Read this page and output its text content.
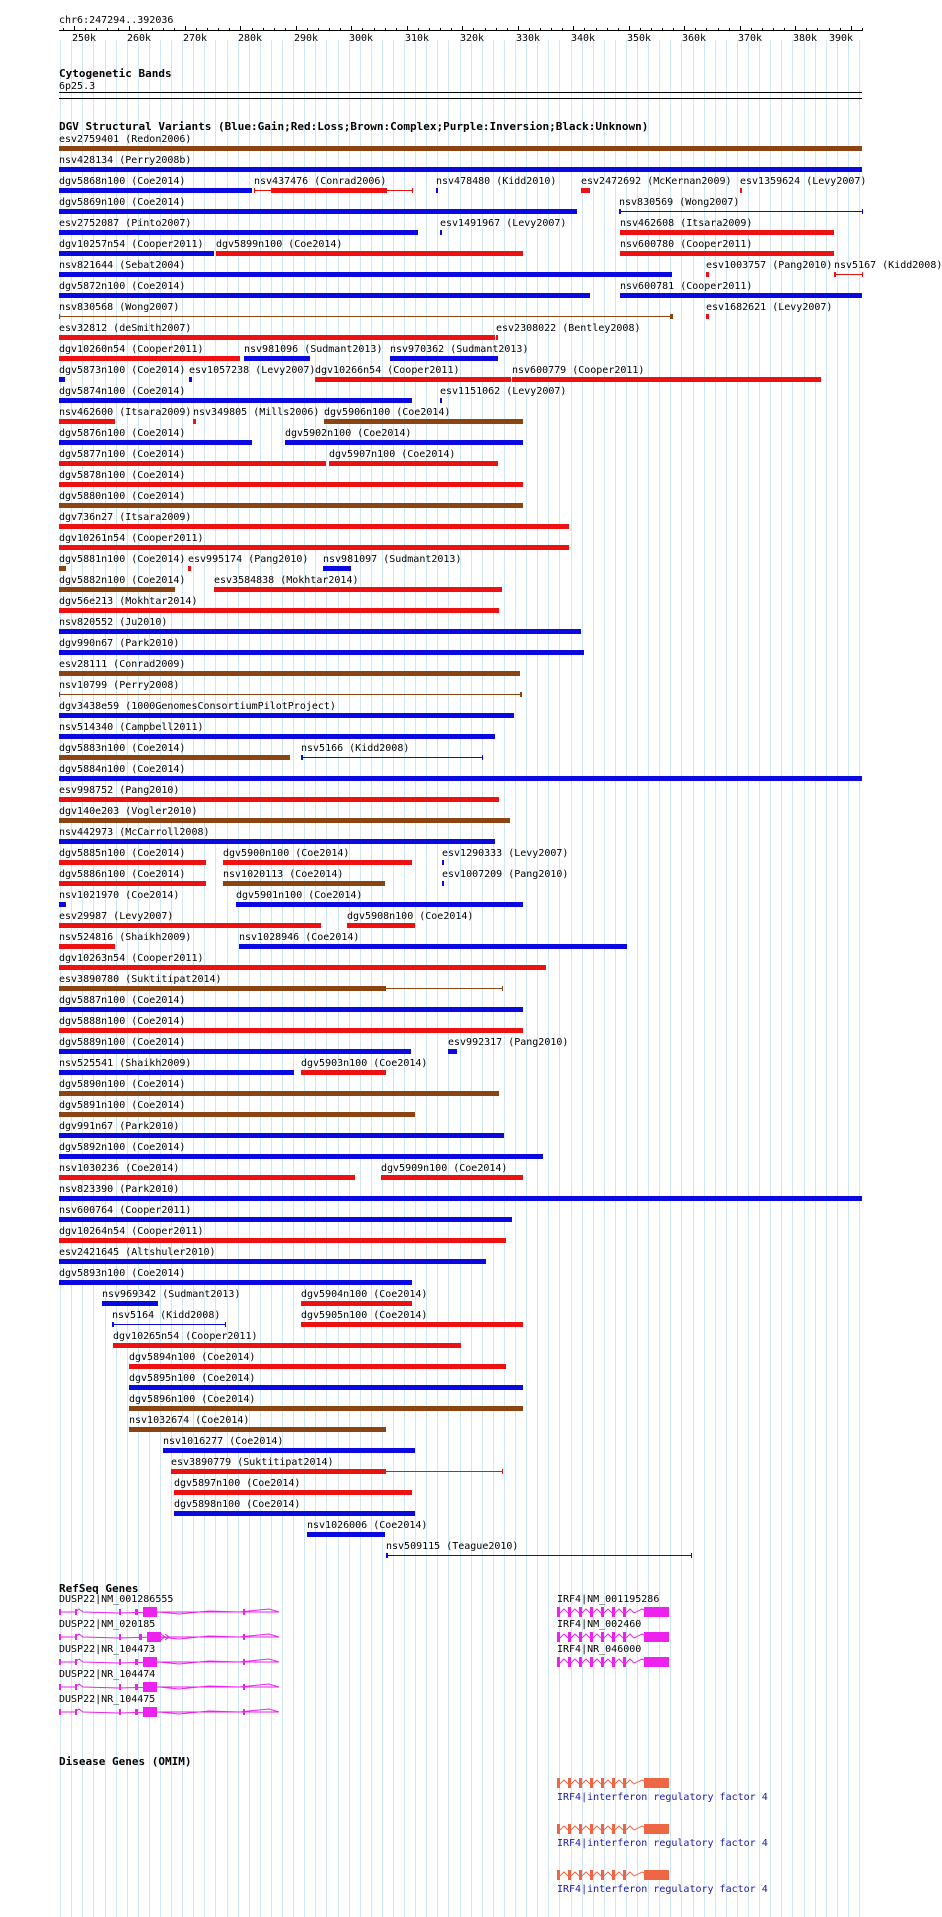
chr6:247294..392036
250k	260k	270k	280k	290k	300k	310k	320k	330k	340k	350k	360k	370k	380k 390k
Cytogenetic Bands
6p25.3
DGV Structural Variants (Blue:Gain;Red:Loss;Brown:Complex;Purple:Inversion;Black:Unknown)
esv2759401 (Redon2006)
nsv428134 (Perry2008b)
dgv5868n100 (Coe2014)	nsv437476 (Conrad2006)	nsv478480 (Kidd2010) esv2472692 (McKernan2009) esv1359624 (Levy2007)
dgv5869n100 (Coe2014)	nsv830569 (Wong2007)
esv2752087 (Pinto2007)	esv1491967 (Levy2007)	nsv462608 (Itsara2009)
dgv10257n54 (Cooper2011) dgv5899n100 (Coe2014)	nsv600780 (Cooper2011)
nsv821644 (Sebat2004)	esv1003757 (Pang2010) nsv5167 (Kidd2008)
dgv5872n100 (Coe2014)	nsv600781 (Cooper2011)
nsv830568 (Wong2007)	esv1682621 (Levy2007)
esv32812 (deSmith2007)	esv2308022 (Bentley2008)
dgv10260n54 (Cooper2011)	nsv981096 (Sudmant2013) nsv970362 (Sudmant2013)
dgv5873n100 (Coe2014) esv1057238 (Levy2007) dgv10266n54 (Cooper2011)	nsv600779 (Cooper2011)
dgv5874n100 (Coe2014)	esv1151062 (Levy2007)
nsv462600 (Itsara2009) nsv349805 (Mills2006) dgv5906n100 (Coe2014)
dgv5876n100 (Coe2014)	dgv5902n100 (Coe2014)
dgv5877n100 (Coe2014)	dgv5907n100 (Coe2014)
dgv5878n100 (Coe2014)
dgv5880n100 (Coe2014)
dgv736n27 (Itsara2009)
dgv10261n54 (Cooper2011)
dgv5881n100 (Coe2014) esv995174 (Pang2010) nsv981097 (Sudmant2013)
dgv5882n100 (Coe2014)	esv3584838 (Mokhtar2014)
dgv56e213 (Mokhtar2014)
nsv820552 (Ju2010)
dgv990n67 (Park2010)
esv28111 (Conrad2009)
nsv10799 (Perry2008)
dgv3438e59 (1000GenomesConsortiumPilotProject)
nsv514340 (Campbell2011)
dgv5883n100 (Coe2014)	nsv5166 (Kidd2008)
dgv5884n100 (Coe2014)
esv998752 (Pang2010)
dgv140e203 (Vogler2010)
nsv442973 (McCarroll2008)
dgv5885n100 (Coe2014)	dgv5900n100 (Coe2014)	esv1290333 (Levy2007)
dgv5886n100 (Coe2014)	nsv1020113 (Coe2014)	esv1007209 (Pang2010)
nsv1021970 (Coe2014)	dgv5901n100 (Coe2014)
esv29987 (Levy2007)	dgv5908n100 (Coe2014)
nsv524816 (Shaikh2009)	nsv1028946 (Coe2014)
dgv10263n54 (Cooper2011)
esv3890780 (Suktitipat2014)
dgv5887n100 (Coe2014)
dgv5888n100 (Coe2014)
dgv5889n100 (Coe2014)	esv992317 (Pang2010)
nsv525541 (Shaikh2009)	dgv5903n100 (Coe2014)
dgv5890n100 (Coe2014)
dgv5891n100 (Coe2014)
dgv991n67 (Park2010)
dgv5892n100 (Coe2014)
nsv1030236 (Coe2014)	dgv5909n100 (Coe2014)
nsv823390 (Park2010)
nsv600764 (Cooper2011)
dgv10264n54 (Cooper2011)
esv2421645 (Altshuler2010)
dgv5893n100 (Coe2014)
nsv969342 (Sudmant2013)	dgv5904n100 (Coe2014)
nsv5164 (Kidd2008)	dgv5905n100 (Coe2014)
dgv10265n54 (Cooper2011)
dgv5894n100 (Coe2014)
dgv5895n100 (Coe2014)
dgv5896n100 (Coe2014)
nsv1032674 (Coe2014)
nsv1016277 (Coe2014)
esv3890779 (Suktitipat2014)
dgv5897n100 (Coe2014)
dgv5898n100 (Coe2014)
nsv1026006 (Coe2014)
nsv509115 (Teague2010)
RefSeq Genes
DUSP22|NM_001286555
DUSP22|NM_020185
DUSP22|NR_104473
DUSP22|NR_104474
DUSP22|NR_104475
IRF4|NM_001195286
IRF4|NM_002460
IRF4|NR_046000
Disease Genes (OMIM)
IRF4|interferon regulatory factor 4
IRF4|interferon regulatory factor 4
IRF4|interferon regulatory factor 4
